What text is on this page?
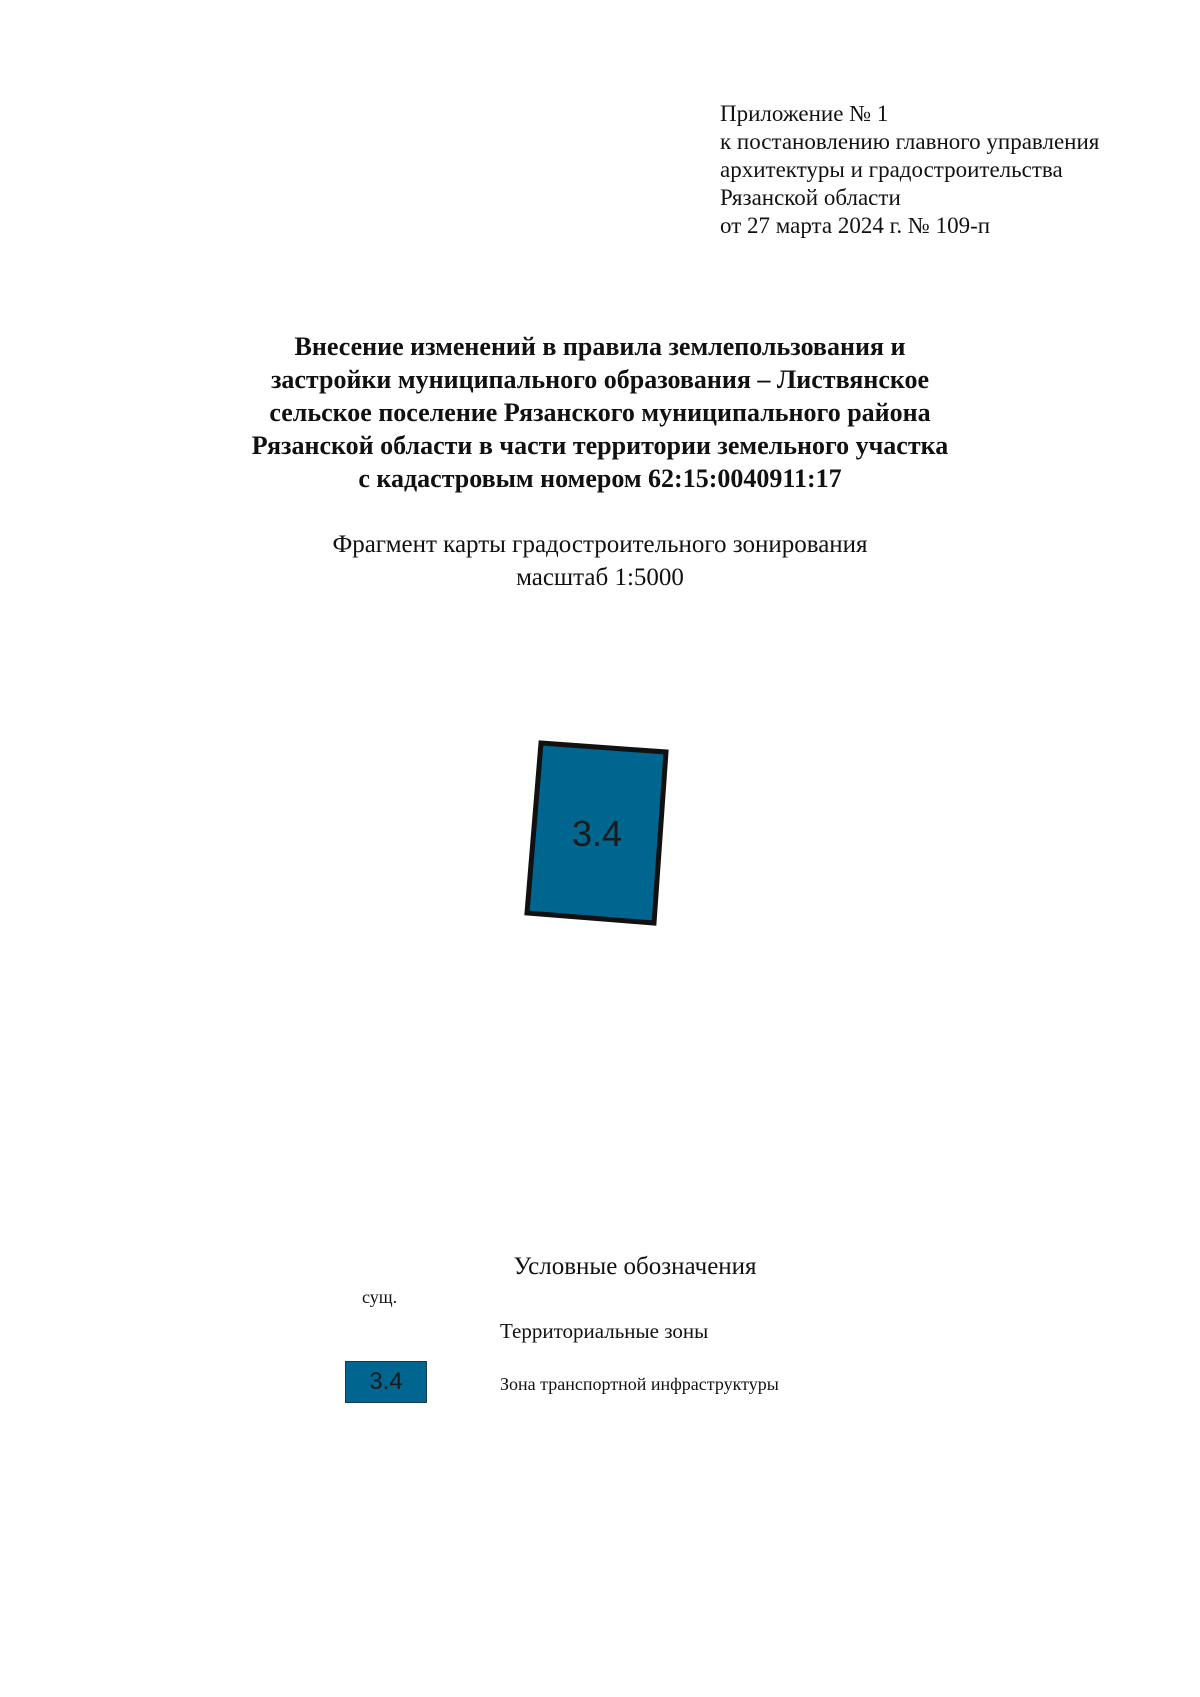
Приложение № 1
к постановлению главного управления
архитектуры и градостроительства
Рязанской области
от 27 марта 2024 г. № 109-п
Внесение изменений в правила землепользования и
застройки муниципального образования – Листвянское
сельское поселение Рязанского муниципального района
Рязанской области в части территории земельного участка
с кадастровым номером 62:15:0040911:17
Фрагмент карты градостроительного зонирования
масштаб 1:5000
3.4
Условные обозначения
сущ.
Территориальные зоны
3.4	Зона транспортной инфраструктуры
